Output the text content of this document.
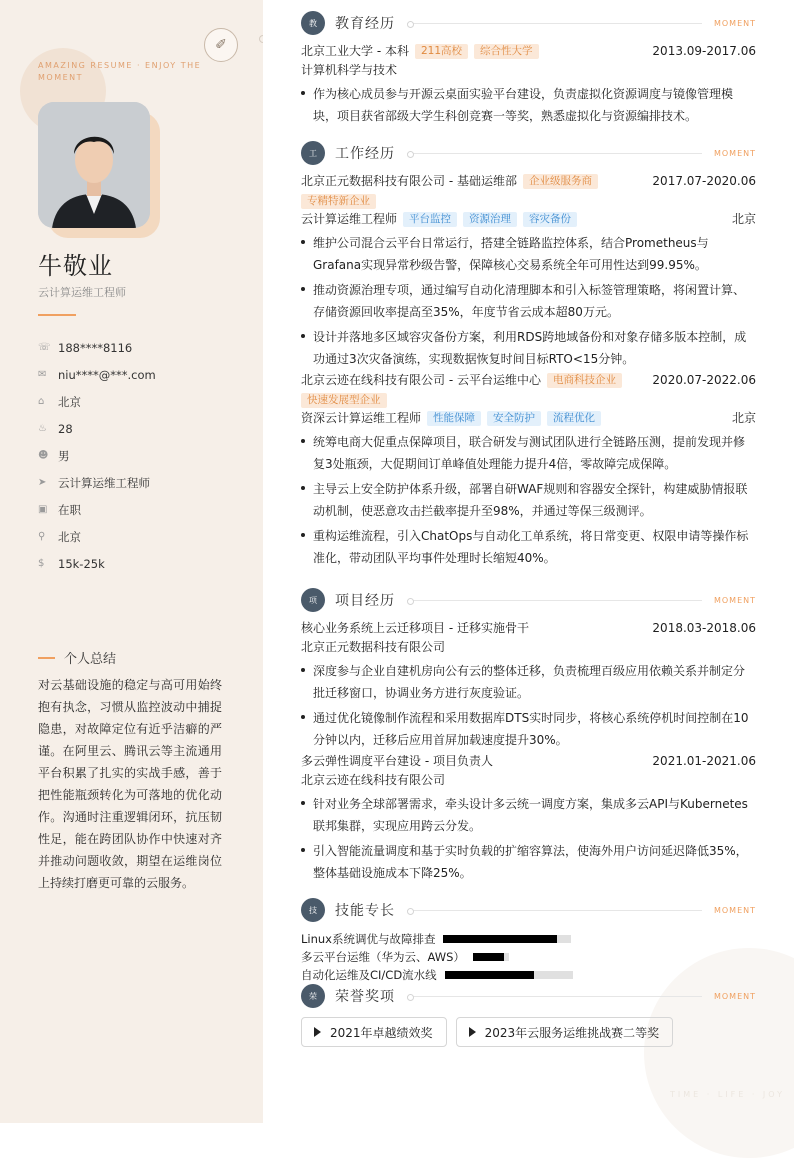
✐
AMAZING RESUME · ENJOY THE MOMENT
牛敬业
云计算运维工程师
☏ 188****8116
✉	niu****@***.com
⌂	北京
♨ 28
☻ 男
➤	云计算运维工程师
▣ 在职
⚲	北京
$	15k-25k
个人总结
对云基础设施的稳定与高可用始终抱有执念，习惯从监控波动中捕捉隐患，对故障定位有近乎洁癖的严谨。在阿里云、腾讯云等主流通用平台积累了扎实的实战手感，善于把性能瓶颈转化为可落地的优化动作。沟通时注重逻辑闭环，抗压韧性足，能在跨团队协作中快速对齐并推动问题收敛，期望在运维岗位上持续打磨更可靠的云服务。
TIME · LIFE · JOY
教	教育经历	MOMENT
北京工业大学 - 本科	211高校	综合性大学	2013.09-2017.06
计算机科学与技术
作为核心成员参与开源云桌面实验平台建设，负责虚拟化资源调度与镜像管理模块，项目获省部级大学生科创竞赛一等奖，熟悉虚拟化与资源编排技术。
工	工作经历	MOMENT
北京正元数据科技有限公司 - 基础运维部	企业级服务商	2017.07-2020.06
专精特新企业
云计算运维工程师	平台监控	资源治理	容灾备份	北京
维护公司混合云平台日常运行，搭建全链路监控体系，结合Prometheus与Grafana实现异常秒级告警，保障核心交易系统全年可用性达到99.95%。
推动资源治理专项，通过编写自动化清理脚本和引入标签管理策略，将闲置计算、存储资源回收率提高至35%，年度节省云成本超80万元。
设计并落地多区域容灾备份方案，利用RDS跨地域备份和对象存储多版本控制，成功通过3次灾备演练，实现数据恢复时间目标RTO<15分钟。
北京云迹在线科技有限公司 - 云平台运维中心	电商科技企业	2020.07-2022.06
快速发展型企业
资深云计算运维工程师	性能保障	安全防护	流程优化	北京
统筹电商大促重点保障项目，联合研发与测试团队进行全链路压测，提前发现并修复3处瓶颈，大促期间订单峰值处理能力提升4倍，零故障完成保障。
主导云上安全防护体系升级，部署自研WAF规则和容器安全探针，构建威胁情报联动机制，使恶意攻击拦截率提升至98%，并通过等保三级测评。
重构运维流程，引入ChatOps与自动化工单系统，将日常变更、权限申请等操作标准化，带动团队平均事件处理时长缩短40%。
项	项目经历	MOMENT
核心业务系统上云迁移项目 - 迁移实施骨干	2018.03-2018.06
北京正元数据科技有限公司
深度参与企业自建机房向公有云的整体迁移，负责梳理百级应用依赖关系并制定分批迁移窗口，协调业务方进行灰度验证。
通过优化镜像制作流程和采用数据库DTS实时同步，将核心系统停机时间控制在10分钟以内，迁移后应用首屏加载速度提升30%。
多云弹性调度平台建设 - 项目负责人	2021.01-2021.06
北京云迹在线科技有限公司
针对业务全球部署需求，牵头设计多云统一调度方案，集成多云API与Kubernetes联邦集群，实现应用跨云分发。
引入智能流量调度和基于实时负载的扩缩容算法，使海外用户访问延迟降低35%，整体基础设施成本下降25%。
技	技能专长	MOMENT
Linux系统调优与故障排查

多云平台运维（华为云、AWS）

自动化运维及CI/CD流水线
荣	荣誉奖项	MOMENT
2021年卓越绩效奖
	2023年云服务运维挑战赛二等奖
